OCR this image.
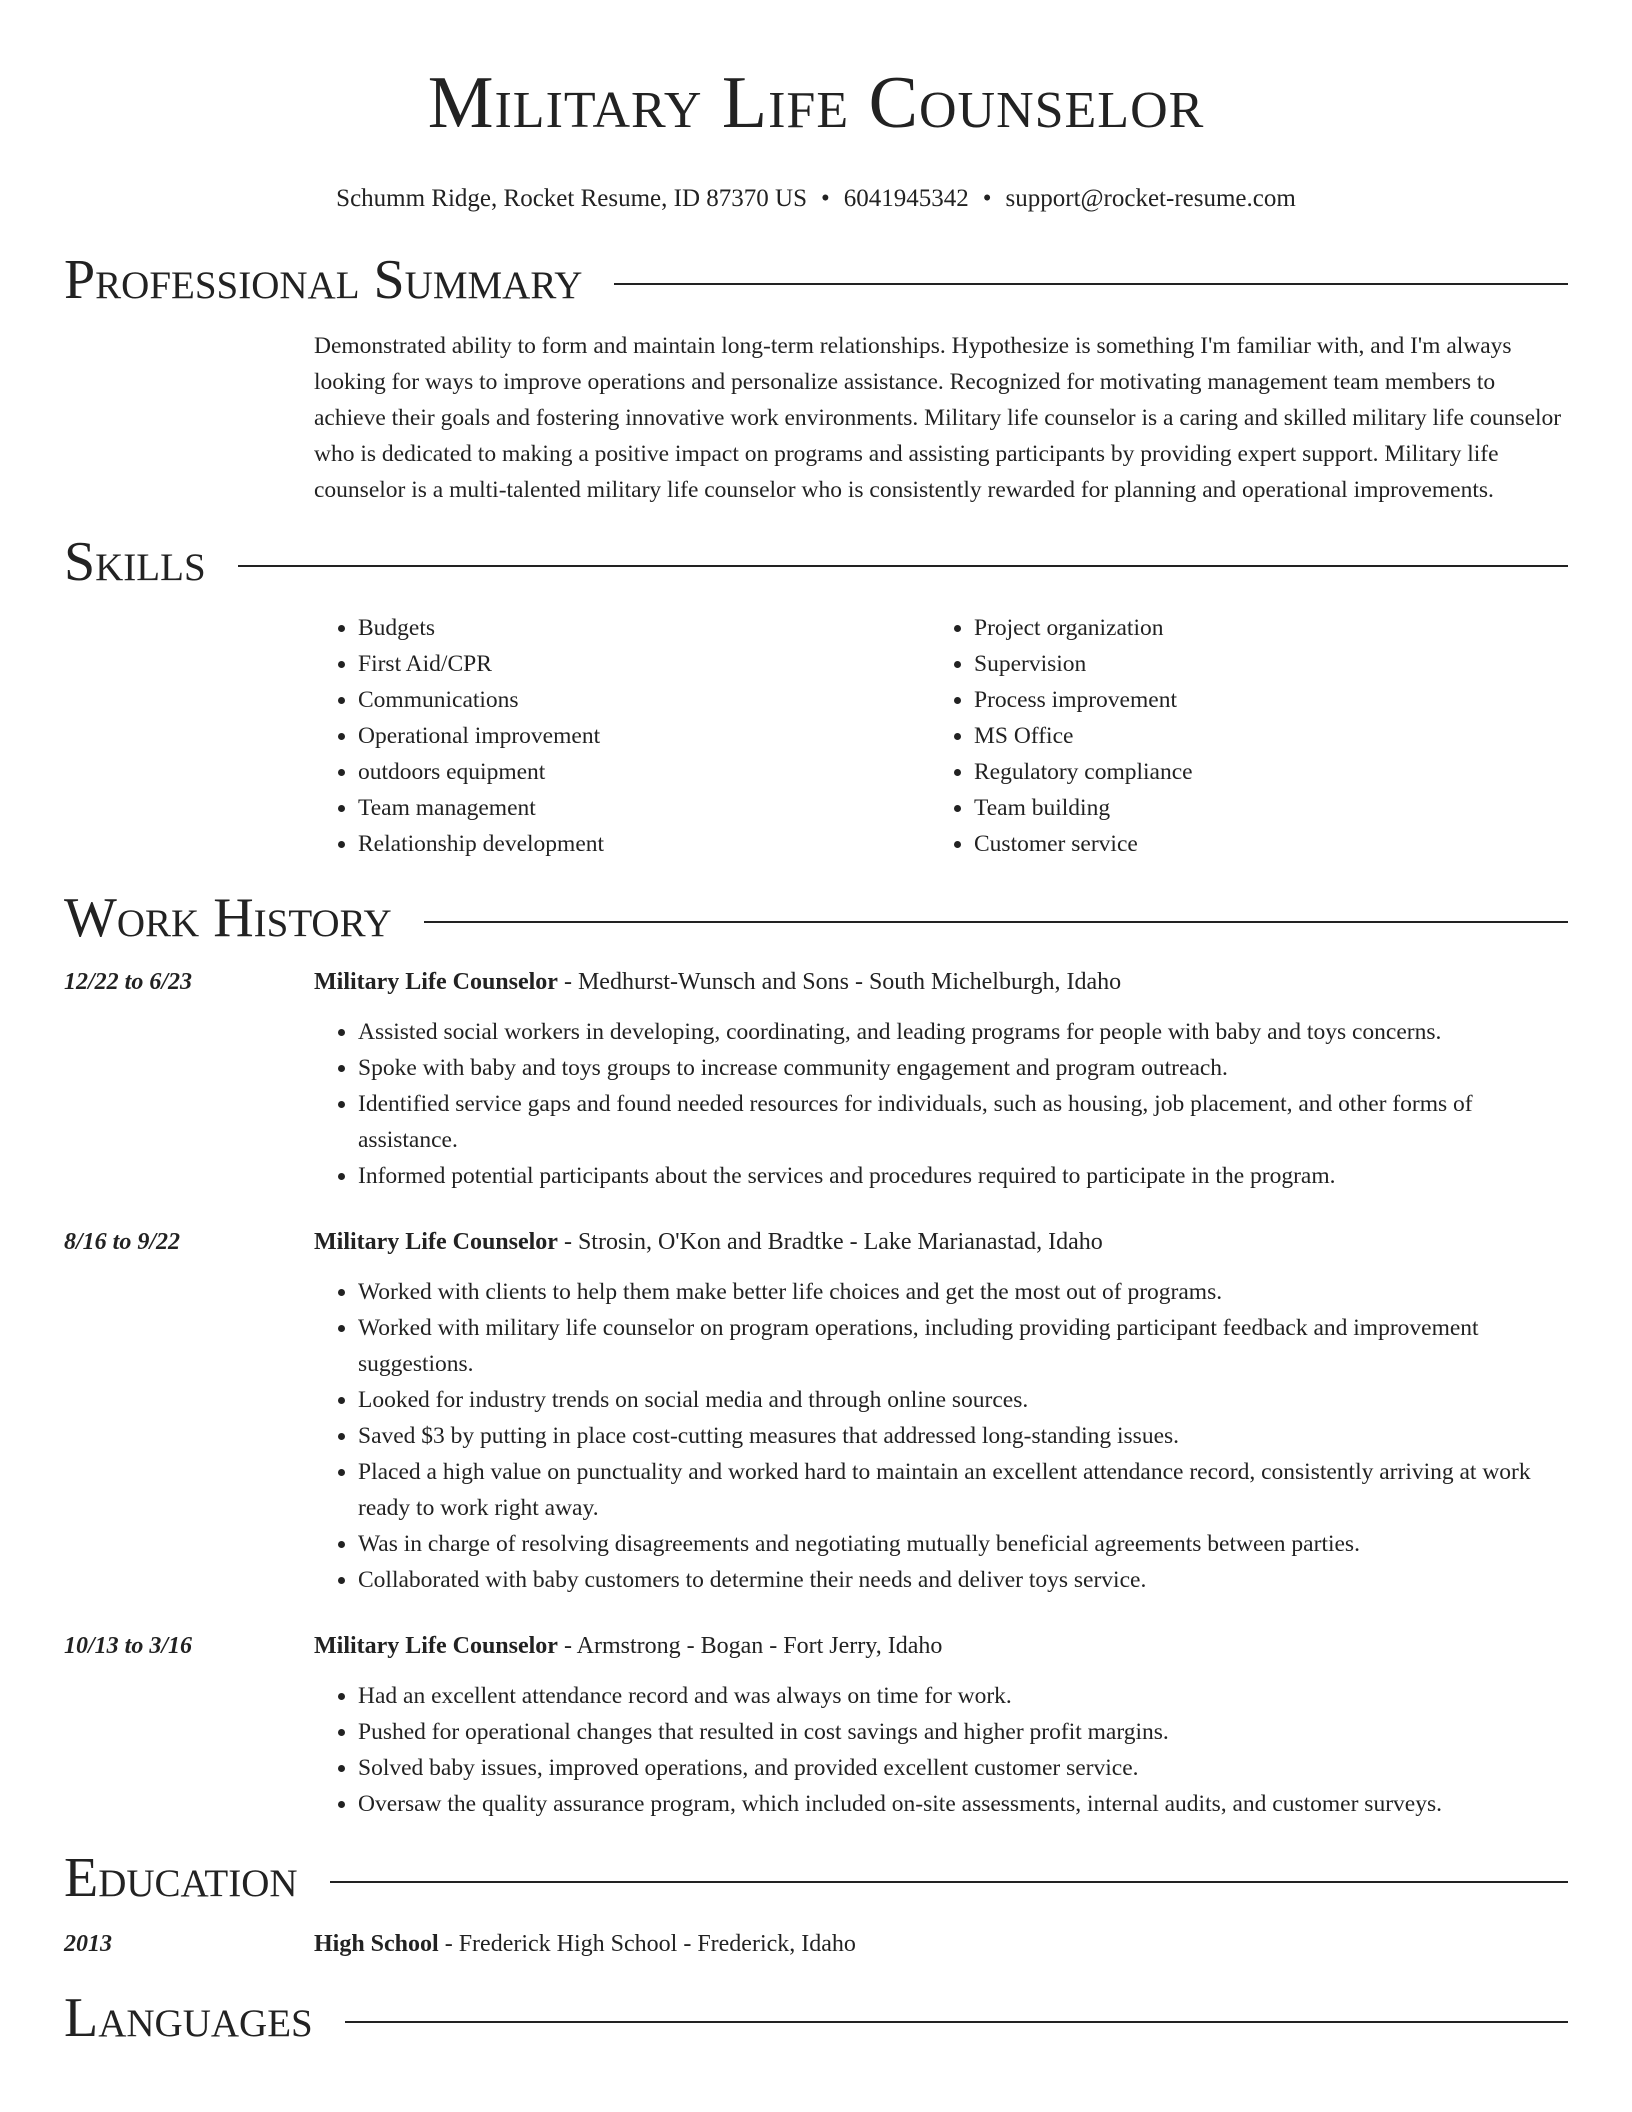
Military Life Counselor
Schumm Ridge, Rocket Resume, ID 87370 US • 6041945342 • support@rocket-resume.com
Professional Summary
Demonstrated ability to form and maintain long-term relationships. Hypothesize is something I'm familiar with, and I'm always looking for ways to improve operations and personalize assistance. Recognized for motivating management team members to achieve their goals and fostering innovative work environments. Military life counselor is a caring and skilled military life counselor who is dedicated to making a positive impact on programs and assisting participants by providing expert support. Military life counselor is a multi-talented military life counselor who is consistently rewarded for planning and operational improvements.
Skills
• Budgets
• First Aid/CPR
• Communications
• Operational improvement
• outdoors equipment
• Team management
• Relationship development
• Project organization
• Supervision
• Process improvement
• MS Office
• Regulatory compliance
• Team building
• Customer service
Work History
12/22 to 6/23	Military Life Counselor - Medhurst-Wunsch and Sons - South Michelburgh, Idaho
• Assisted social workers in developing, coordinating, and leading programs for people with baby and toys concerns.
• Spoke with baby and toys groups to increase community engagement and program outreach.
• Identified service gaps and found needed resources for individuals, such as housing, job placement, and other forms of assistance.
• Informed potential participants about the services and procedures required to participate in the program.
8/16 to 9/22	Military Life Counselor - Strosin, O'Kon and Bradtke - Lake Marianastad, Idaho
• Worked with clients to help them make better life choices and get the most out of programs.
• Worked with military life counselor on program operations, including providing participant feedback and improvement suggestions.
• Looked for industry trends on social media and through online sources.
• Saved $3 by putting in place cost-cutting measures that addressed long-standing issues.
• Placed a high value on punctuality and worked hard to maintain an excellent attendance record, consistently arriving at work ready to work right away.
• Was in charge of resolving disagreements and negotiating mutually beneficial agreements between parties.
• Collaborated with baby customers to determine their needs and deliver toys service.
10/13 to 3/16	Military Life Counselor - Armstrong - Bogan - Fort Jerry, Idaho
• Had an excellent attendance record and was always on time for work.
• Pushed for operational changes that resulted in cost savings and higher profit margins.
• Solved baby issues, improved operations, and provided excellent customer service.
• Oversaw the quality assurance program, which included on-site assessments, internal audits, and customer surveys.
Education
2013	High School - Frederick High School - Frederick, Idaho
Languages
